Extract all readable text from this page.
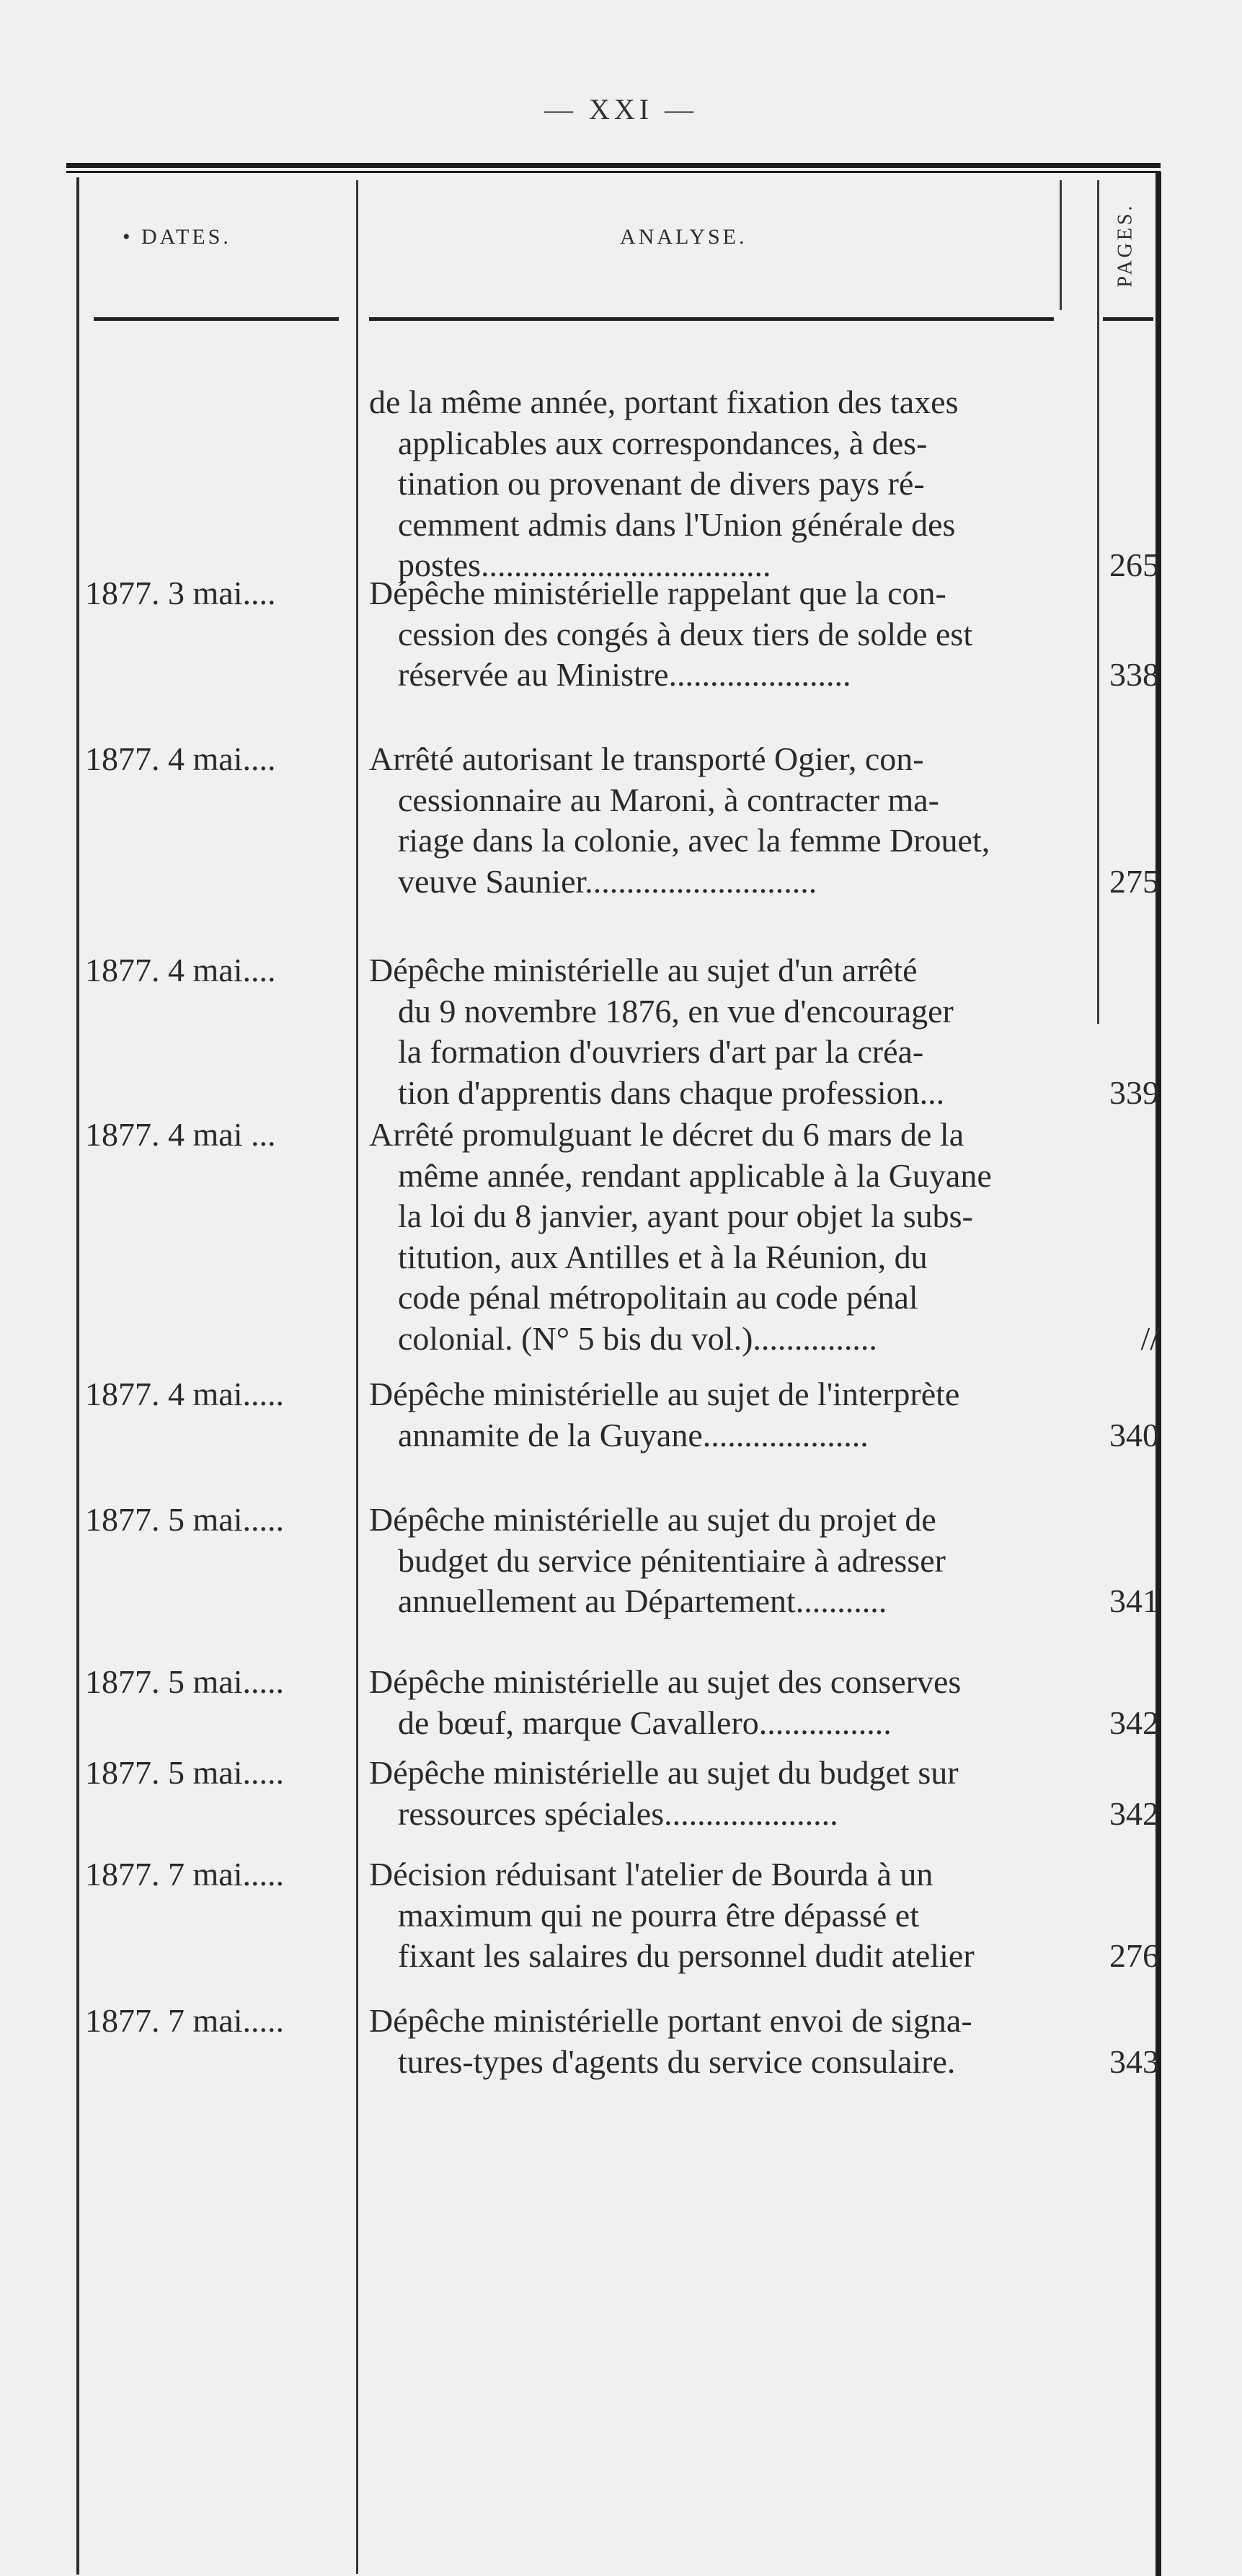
— XXI —
• DATES.	ANALYSE.	PAGES.
de la même année, portant fixation des taxes
applicables aux correspondances, à des-
tination ou provenant de divers pays ré-
cemment admis dans l'Union générale des
postes...................................	265
1877. 3 mai....	Dépêche ministérielle rappelant que la con-
cession des congés à deux tiers de solde est
réservée au Ministre......................	338
1877. 4 mai....	Arrêté autorisant le transporté Ogier, con-
cessionnaire au Maroni, à contracter ma-
riage dans la colonie, avec la femme Drouet,
veuve Saunier............................	275
1877. 4 mai....	Dépêche ministérielle au sujet d'un arrêté
du 9 novembre 1876, en vue d'encourager
la formation d'ouvriers d'art par la créa-
tion d'apprentis dans chaque profession...	339
1877. 4 mai ...	Arrêté promulguant le décret du 6 mars de la
même année, rendant applicable à la Guyane
la loi du 8 janvier, ayant pour objet la subs-
titution, aux Antilles et à la Réunion, du
code pénal métropolitain au code pénal
colonial. (N° 5 bis du vol.)...............	//
1877. 4 mai.....	Dépêche ministérielle au sujet de l'interprète
annamite de la Guyane....................	340
1877. 5 mai.....	Dépêche ministérielle au sujet du projet de
budget du service pénitentiaire à adresser
annuellement au Département...........	341
1877. 5 mai.....	Dépêche ministérielle au sujet des conserves
de bœuf, marque Cavallero................	342
1877. 5 mai.....	Dépêche ministérielle au sujet du budget sur
ressources spéciales.....................	342
1877. 7 mai.....	Décision réduisant l'atelier de Bourda à un
maximum qui ne pourra être dépassé et
fixant les salaires du personnel dudit atelier	276
1877. 7 mai.....	Dépêche ministérielle portant envoi de signa-
tures-types d'agents du service consulaire.	343
